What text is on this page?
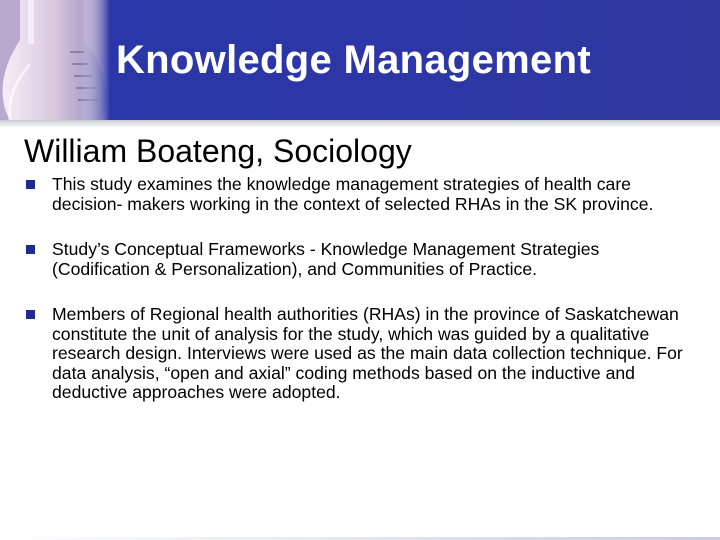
Knowledge Management
William Boateng, Sociology
This study examines the knowledge management strategies of health care decision- makers working in the context of selected RHAs in the SK province.
Study’s Conceptual Frameworks - Knowledge Management Strategies (Codification & Personalization), and Communities of Practice.
Members of Regional health authorities (RHAs) in the province of Saskatchewan constitute the unit of analysis for the study, which was guided by a qualitative research design. Interviews were used as the main data collection technique. For data analysis, “open and axial” coding methods based on the inductive and deductive approaches were adopted.
